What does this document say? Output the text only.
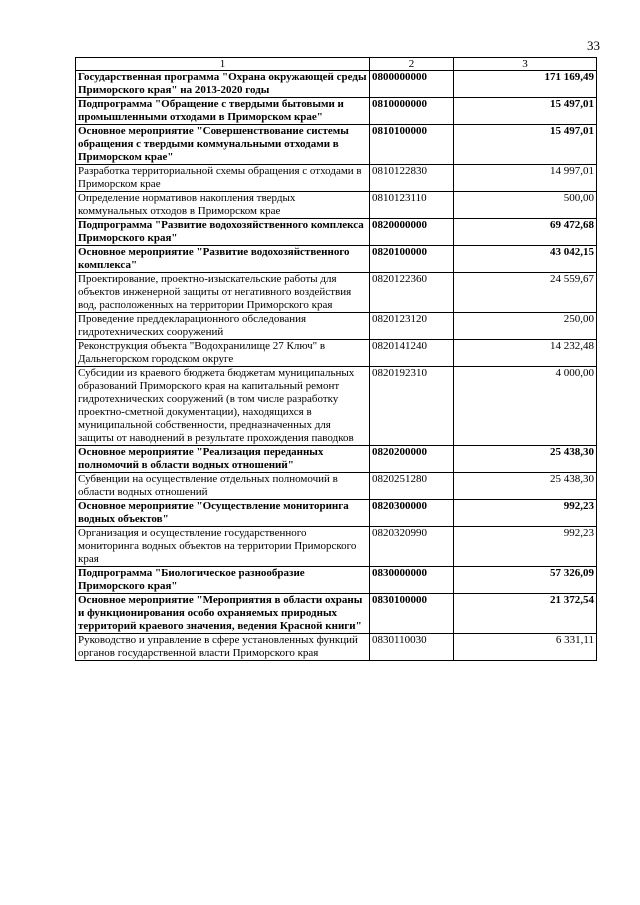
33
1	2	3
Государственная программа "Охрана окружающей среды Приморского края" на 2013-2020 годы	0800000000	171 169,49
Подпрограмма "Обращение с твердыми бытовыми и промышленными отходами в Приморском крае"	0810000000	15 497,01
Основное мероприятие "Совершенствование системы обращения с твердыми коммунальными отходами в Приморском крае"	0810100000	15 497,01
Разработка территориальной схемы обращения с отходами в Приморском крае	0810122830	14 997,01
Определение нормативов накопления твердых коммунальных отходов в Приморском крае	0810123110	500,00
Подпрограмма "Развитие водохозяйственного комплекса Приморского края"	0820000000	69 472,68
Основное мероприятие "Развитие водохозяйственного комплекса"	0820100000	43 042,15
Проектирование, проектно-изыскательские работы для объектов инженерной защиты от негативного воздействия вод, расположенных на территории Приморского края	0820122360	24 559,67
Проведение преддекларационного обследования гидротехнических сооружений	0820123120	250,00
Реконструкция объекта "Водохранилище 27 Ключ" в Дальнегорском городском округе	0820141240	14 232,48
Субсидии из краевого бюджета бюджетам муниципальных образований Приморского края на капитальный ремонт гидротехнических сооружений (в том числе разработку проектно-сметной документации), находящихся в муниципальной собственности, предназначенных для защиты от наводнений в результате прохождения паводков	0820192310	4 000,00
Основное мероприятие "Реализация переданных полномочий в области водных отношений"	0820200000	25 438,30
Субвенции на осуществление отдельных полномочий в области водных отношений	0820251280	25 438,30
Основное мероприятие "Осуществление мониторинга водных объектов"	0820300000	992,23
Организация и осуществление государственного мониторинга водных объектов на территории Приморского края	0820320990	992,23
Подпрограмма "Биологическое разнообразие Приморского края"	0830000000	57 326,09
Основное мероприятие "Мероприятия в области охраны и функционирования особо охраняемых природных территорий краевого значения, ведения Красной книги"	0830100000	21 372,54
Руководство и управление в сфере установленных функций органов государственной власти Приморского края	0830110030	6 331,11
